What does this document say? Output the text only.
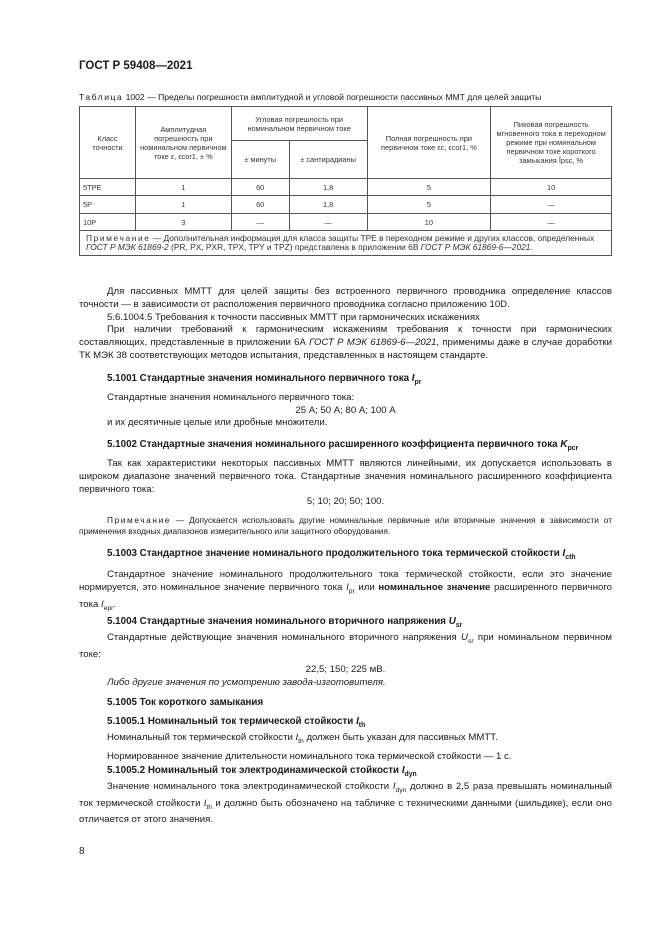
ГОСТ Р 59408—2021
Таблица 1002 — Пределы погрешности амплитудной и угловой погрешности пассивных ММТ для целей защиты
Класс точности	Амплитудная погрешность при номинальном первичном токе ε, εcor1, ± %	Угловая погрешность при номинальном первичном токе		Полная погрешность при первичном токе εc, εcor1, %	Пиковая погрешность мгновенного тока в переходном режиме при номинальном первичном токе короткого замыкания Îpsc, %
		± минуты	± сантирадианы		
5TPE	1	60	1,8	5	10
5P	1	60	1,8	5	—
10P	3	—	—	10	—
Примечание — Дополнительная информация для класса защиты ТРЕ в переходном режиме и других классов, определенных ГОСТ Р МЭК 61869-2 (PR, PX, PXR, TPX, TPY и TPZ) представлена в приложении 6В ГОСТ Р МЭК 61869-6—2021.					
Для пассивных ММТТ для целей защиты без встроенного первичного проводника определение классов точности — в зависимости от расположения первичного проводника согласно приложению 10D.
5.6.1004.5 Требования к точности пассивных ММТТ при гармонических искажениях
При наличии требований к гармоническим искажениям требования к точности при гармонических составляющих, представленные в приложении 6А ГОСТ Р МЭК 61869-6—2021, применимы даже в случае доработки ТК МЭК 38 соответствующих методов испытания, представленных в настоящем стандарте.
5.1001 Стандартные значения номинального первичного тока $I_{pr}$
Стандартные значения номинального первичного тока:
25 А; 50 А; 80 А; 100 А
и их десятичные целые или дробные множители.
5.1002 Стандартные значения номинального расширенного коэффициента первичного тока $K_{pcr}$
Так как характеристики некоторых пассивных ММТТ являются линейными, их допускается использовать в широком диапазоне значений первичного тока. Стандартные значения номинального расширенного коэффициента первичного тока:
5; 10; 20; 50; 100.
Примечание — Допускается использовать другие номинальные первичные или вторичные значения в зависимости от применения входных диапазонов измерительного или защитного оборудования.
5.1003 Стандартное значение номинального продолжительного тока термической стойкости $I_{cth}$
Стандартное значение номинального продолжительного тока термической стойкости, если это значение нормируется, это номинальное значение первичного тока $I_{pr}$ или номинальное значение расширенного первичного тока $I_{epr}$.
5.1004 Стандартные значения номинального вторичного напряжения $U_{sr}$
Стандартные действующие значения номинального вторичного напряжения $U_{sr}$ при номинальном первичном токе:
22,5; 150; 225 мВ.
Либо другие значения по усмотрению завода-изготовителя.
5.1005 Ток короткого замыкания
5.1005.1 Номинальный ток термической стойкости $I_{th}$
Номинальный ток термической стойкости $I_{th}$ должен быть указан для пассивных ММТТ.
Нормированное значение длительности номинального тока термической стойкости — 1 с.
5.1005.2 Номинальный ток электродинамической стойкости $I_{dyn}$
Значение номинального тока электродинамической стойкости $I_{dyn}$ должно в 2,5 раза превышать номинальный ток термической стойкости $I_{th}$ и должно быть обозначено на табличке с техническими данными (шильдике), если оно отличается от этого значения.
8
